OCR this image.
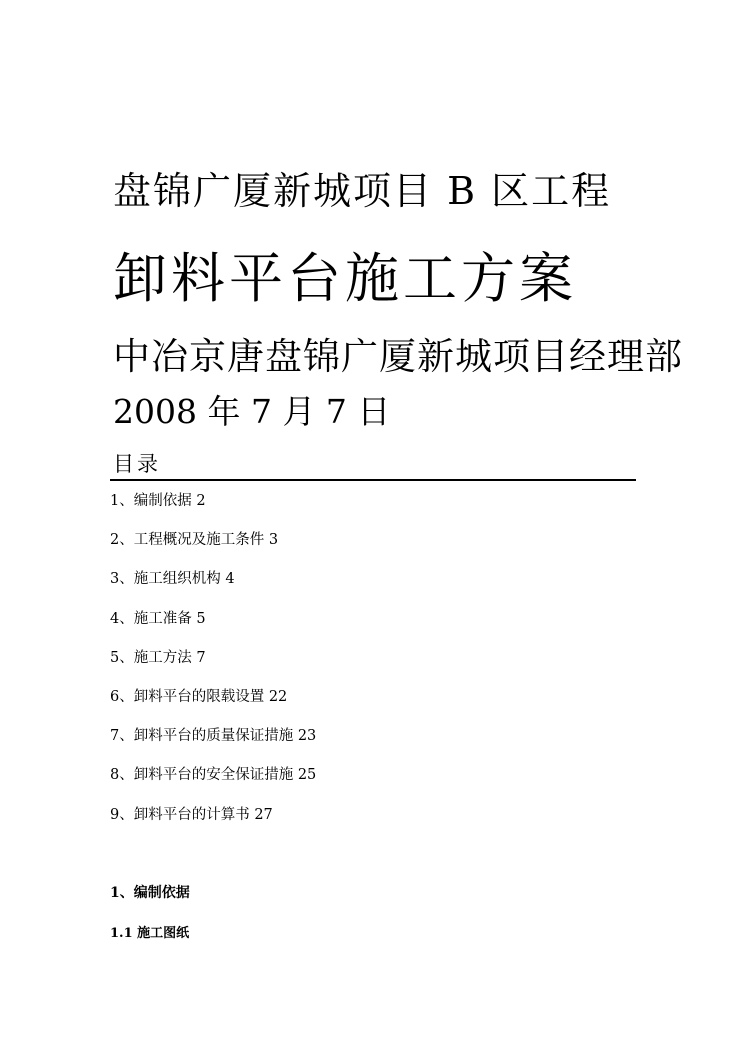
盘锦广厦新城项目 B 区工程
卸料平台施工方案
中冶京唐盘锦广厦新城项目经理部
2008 年 7 月 7 日
目录
1、编制依据 2
2、工程概况及施工条件 3
3、施工组织机构 4
4、施工准备 5
5、施工方法 7
6、卸料平台的限载设置 22
7、卸料平台的质量保证措施 23
8、卸料平台的安全保证措施 25
9、卸料平台的计算书 27
1、编制依据
1.1 施工图纸
